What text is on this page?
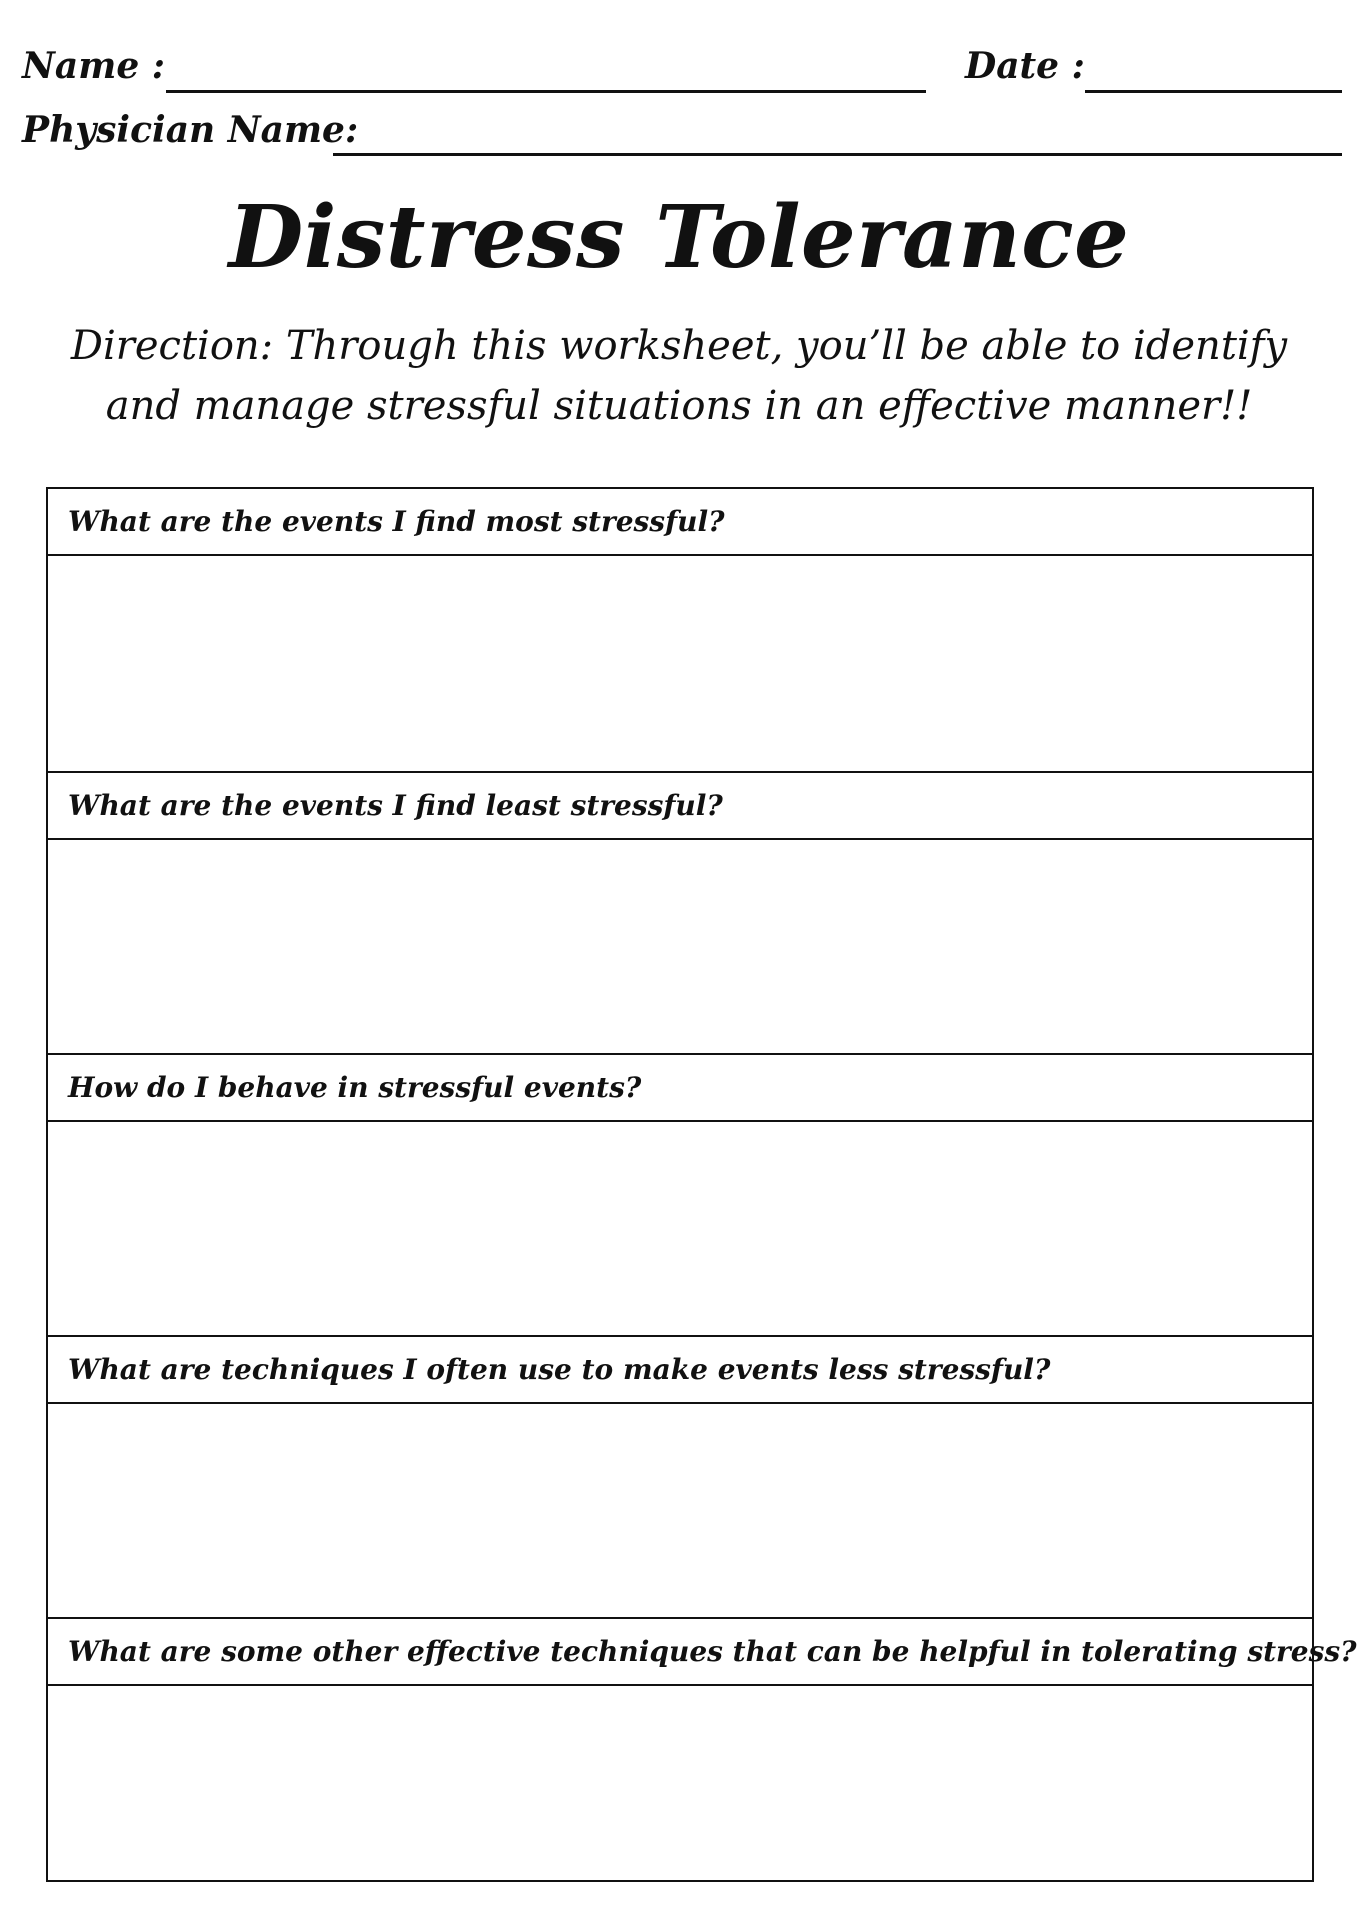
Name :	Date :
Physician Name:
Distress Tolerance
Direction: Through this worksheet, you’ll be able to identify
and manage stressful situations in an effective manner!!
What are the events I find most stressful?
What are the events I find least stressful?
How do I behave in stressful events?
What are techniques I often use to make events less stressful?
What are some other effective techniques that can be helpful in tolerating stress?
